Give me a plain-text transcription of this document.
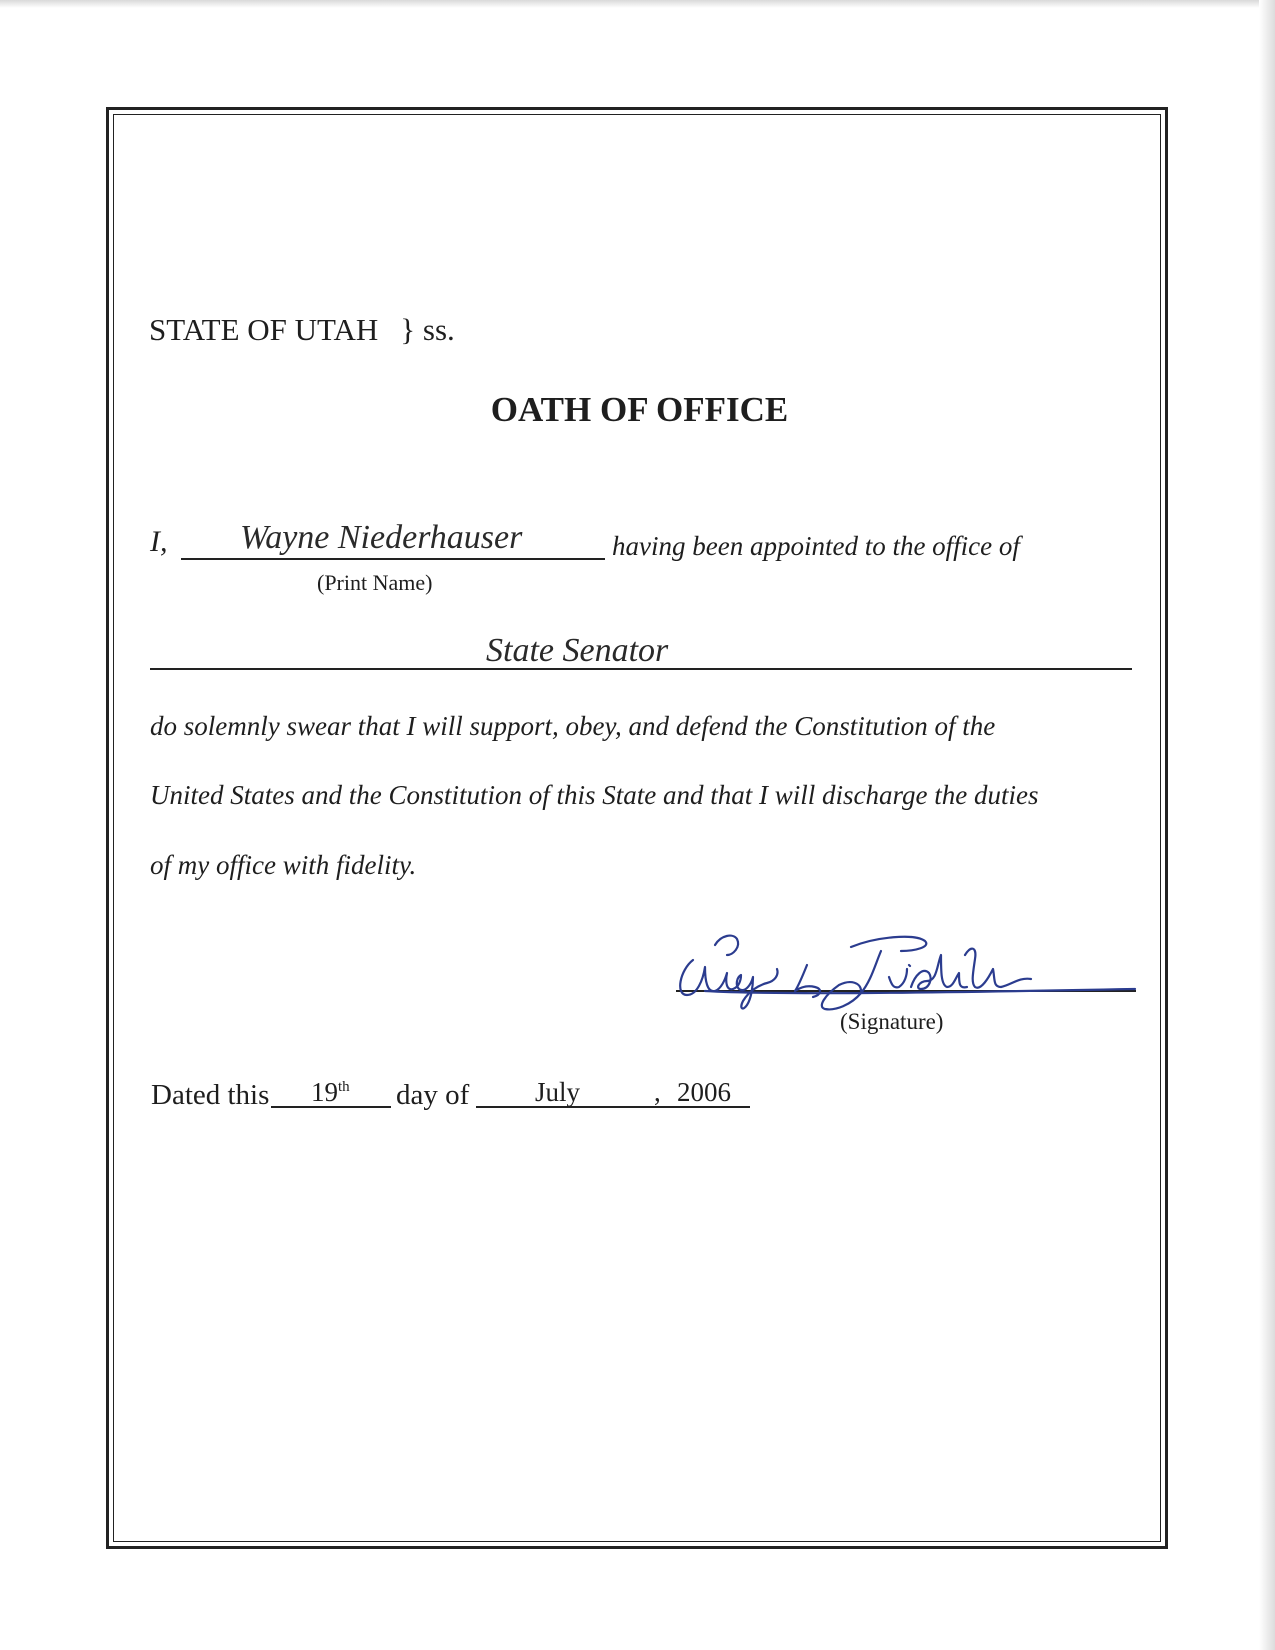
STATE OF UTAH } ss.
OATH OF OFFICE
I, Wayne Niederhauser	having been appointed to the office of
(Print Name)
State Senator
do solemnly swear that I will support, obey, and defend the Constitution of the
United States and the Constitution of this State and that I will discharge the duties
of my office with fidelity.
(Signature)
Dated this 19th day of July	, 2006
